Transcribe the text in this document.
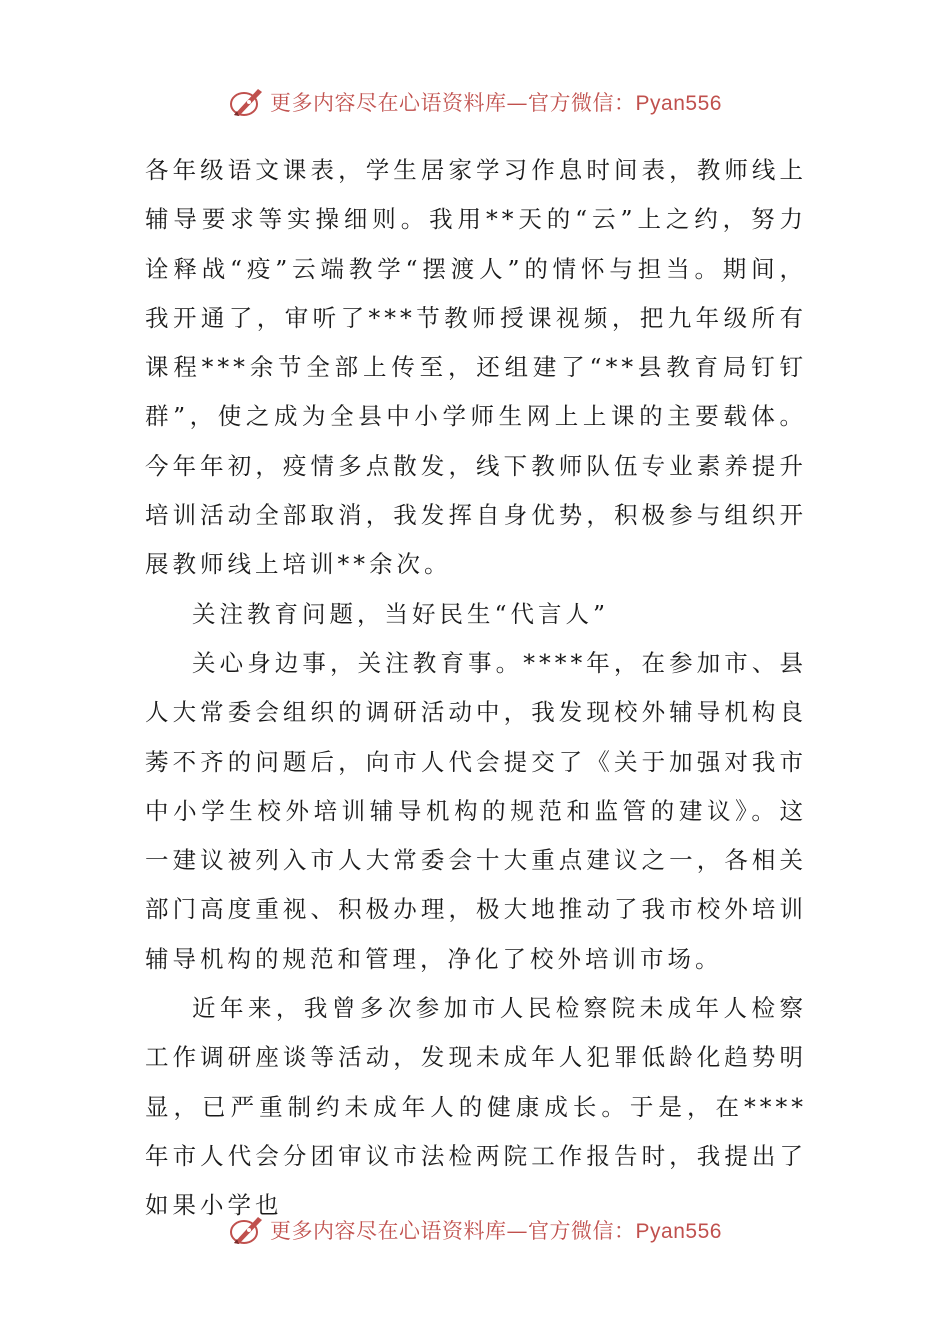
更多内容尽在心语资料库—官方微信：Pyan556

各年级语文课表，学生居家学习作息时间表，教师线上辅导要求等实操细则。我用**天的“云”上之约，努力诠释战“疫”云端教学“摆渡人”的情怀与担当。期间，我开通了，审听了***节教师授课视频，把九年级所有课程***余节全部上传至，还组建了“**县教育局钉钉群”，使之成为全县中小学师生网上上课的主要载体。今年年初，疫情多点散发，线下教师队伍专业素养提升培训活动全部取消，我发挥自身优势，积极参与组织开展教师线上培训**余次。

关注教育问题，当好民生“代言人”

关心身边事，关注教育事。****年，在参加市、县人大常委会组织的调研活动中，我发现校外辅导机构良莠不齐的问题后，向市人代会提交了《关于加强对我市中小学生校外培训辅导机构的规范和监管的建议》。这一建议被列入市人大常委会十大重点建议之一，各相关部门高度重视、积极办理，极大地推动了我市校外培训辅导机构的规范和管理，净化了校外培训市场。

近年来，我曾多次参加市人民检察院未成年人检察工作调研座谈等活动，发现未成年人犯罪低龄化趋势明显，已严重制约未成年人的健康成长。于是，在****年市人代会分团审议市法检两院工作报告时，我提出了如果小学也

更多内容尽在心语资料库—官方微信：Pyan556
